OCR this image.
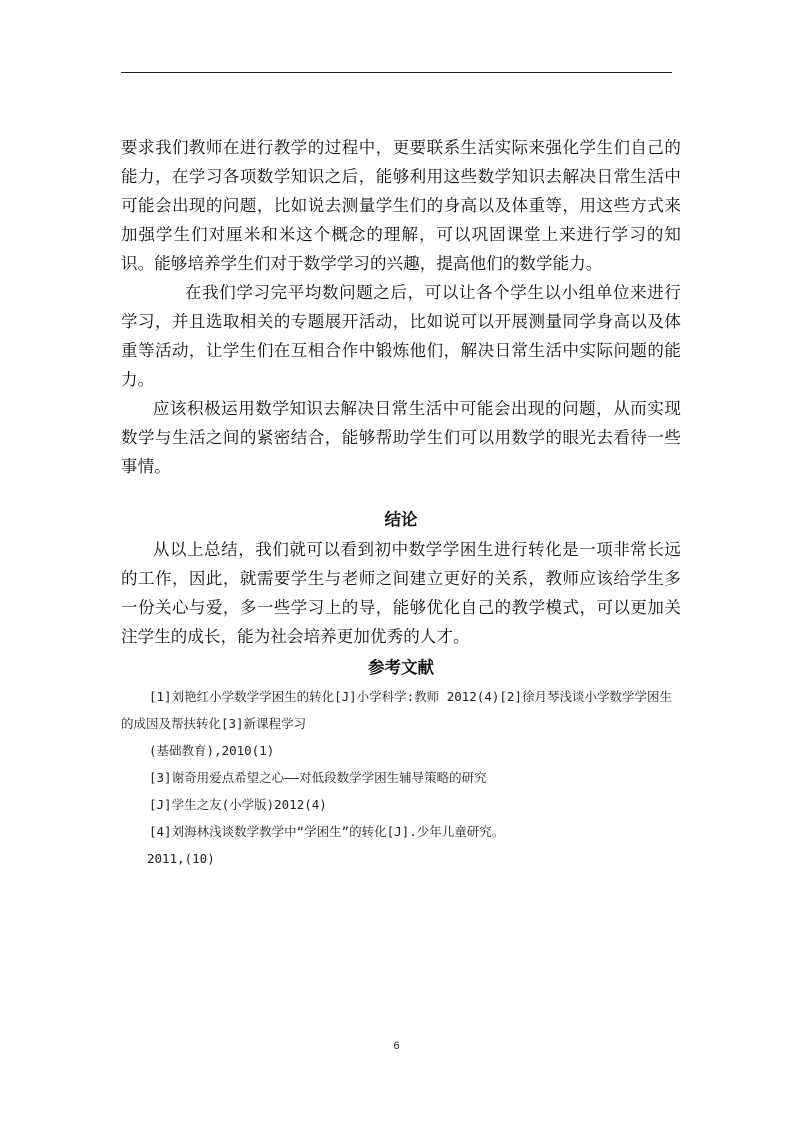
要求我们教师在进行教学的过程中，更要联系生活实际来强化学生们自己的能力，在学习各项数学知识之后，能够利用这些数学知识去解决日常生活中可能会出现的问题，比如说去测量学生们的身高以及体重等，用这些方式来加强学生们对厘米和米这个概念的理解，可以巩固课堂上来进行学习的知识。能够培养学生们对于数学学习的兴趣，提高他们的数学能力。

在我们学习完平均数问题之后，可以让各个学生以小组单位来进行学习，并且选取相关的专题展开活动，比如说可以开展测量同学身高以及体重等活动，让学生们在互相合作中锻炼他们，解决日常生活中实际问题的能力。

应该积极运用数学知识去解决日常生活中可能会出现的问题，从而实现数学与生活之间的紧密结合，能够帮助学生们可以用数学的眼光去看待一些事情。

结论

从以上总结，我们就可以看到初中数学学困生进行转化是一项非常长远的工作，因此，就需要学生与老师之间建立更好的关系，教师应该给学生多一份关心与爱，多一些学习上的导，能够优化自己的教学模式，可以更加关注学生的成长，能为社会培养更加优秀的人才。

参考文献

[1]刘艳红小学数学学困生的转化[J]小学科学:教师 2012(4)[2]徐月琴浅谈小学数学学困生的成因及帮扶转化[3]新课程学习

(基础教育),2010(1)

[3]谢奇用爱点希望之心——对低段数学学困生辅导策略的研究

[J]学生之友(小学版)2012(4)

[4]刘海林浅谈数学教学中“学困生”的转化[J].少年儿童研究。

2011,(10)

6
